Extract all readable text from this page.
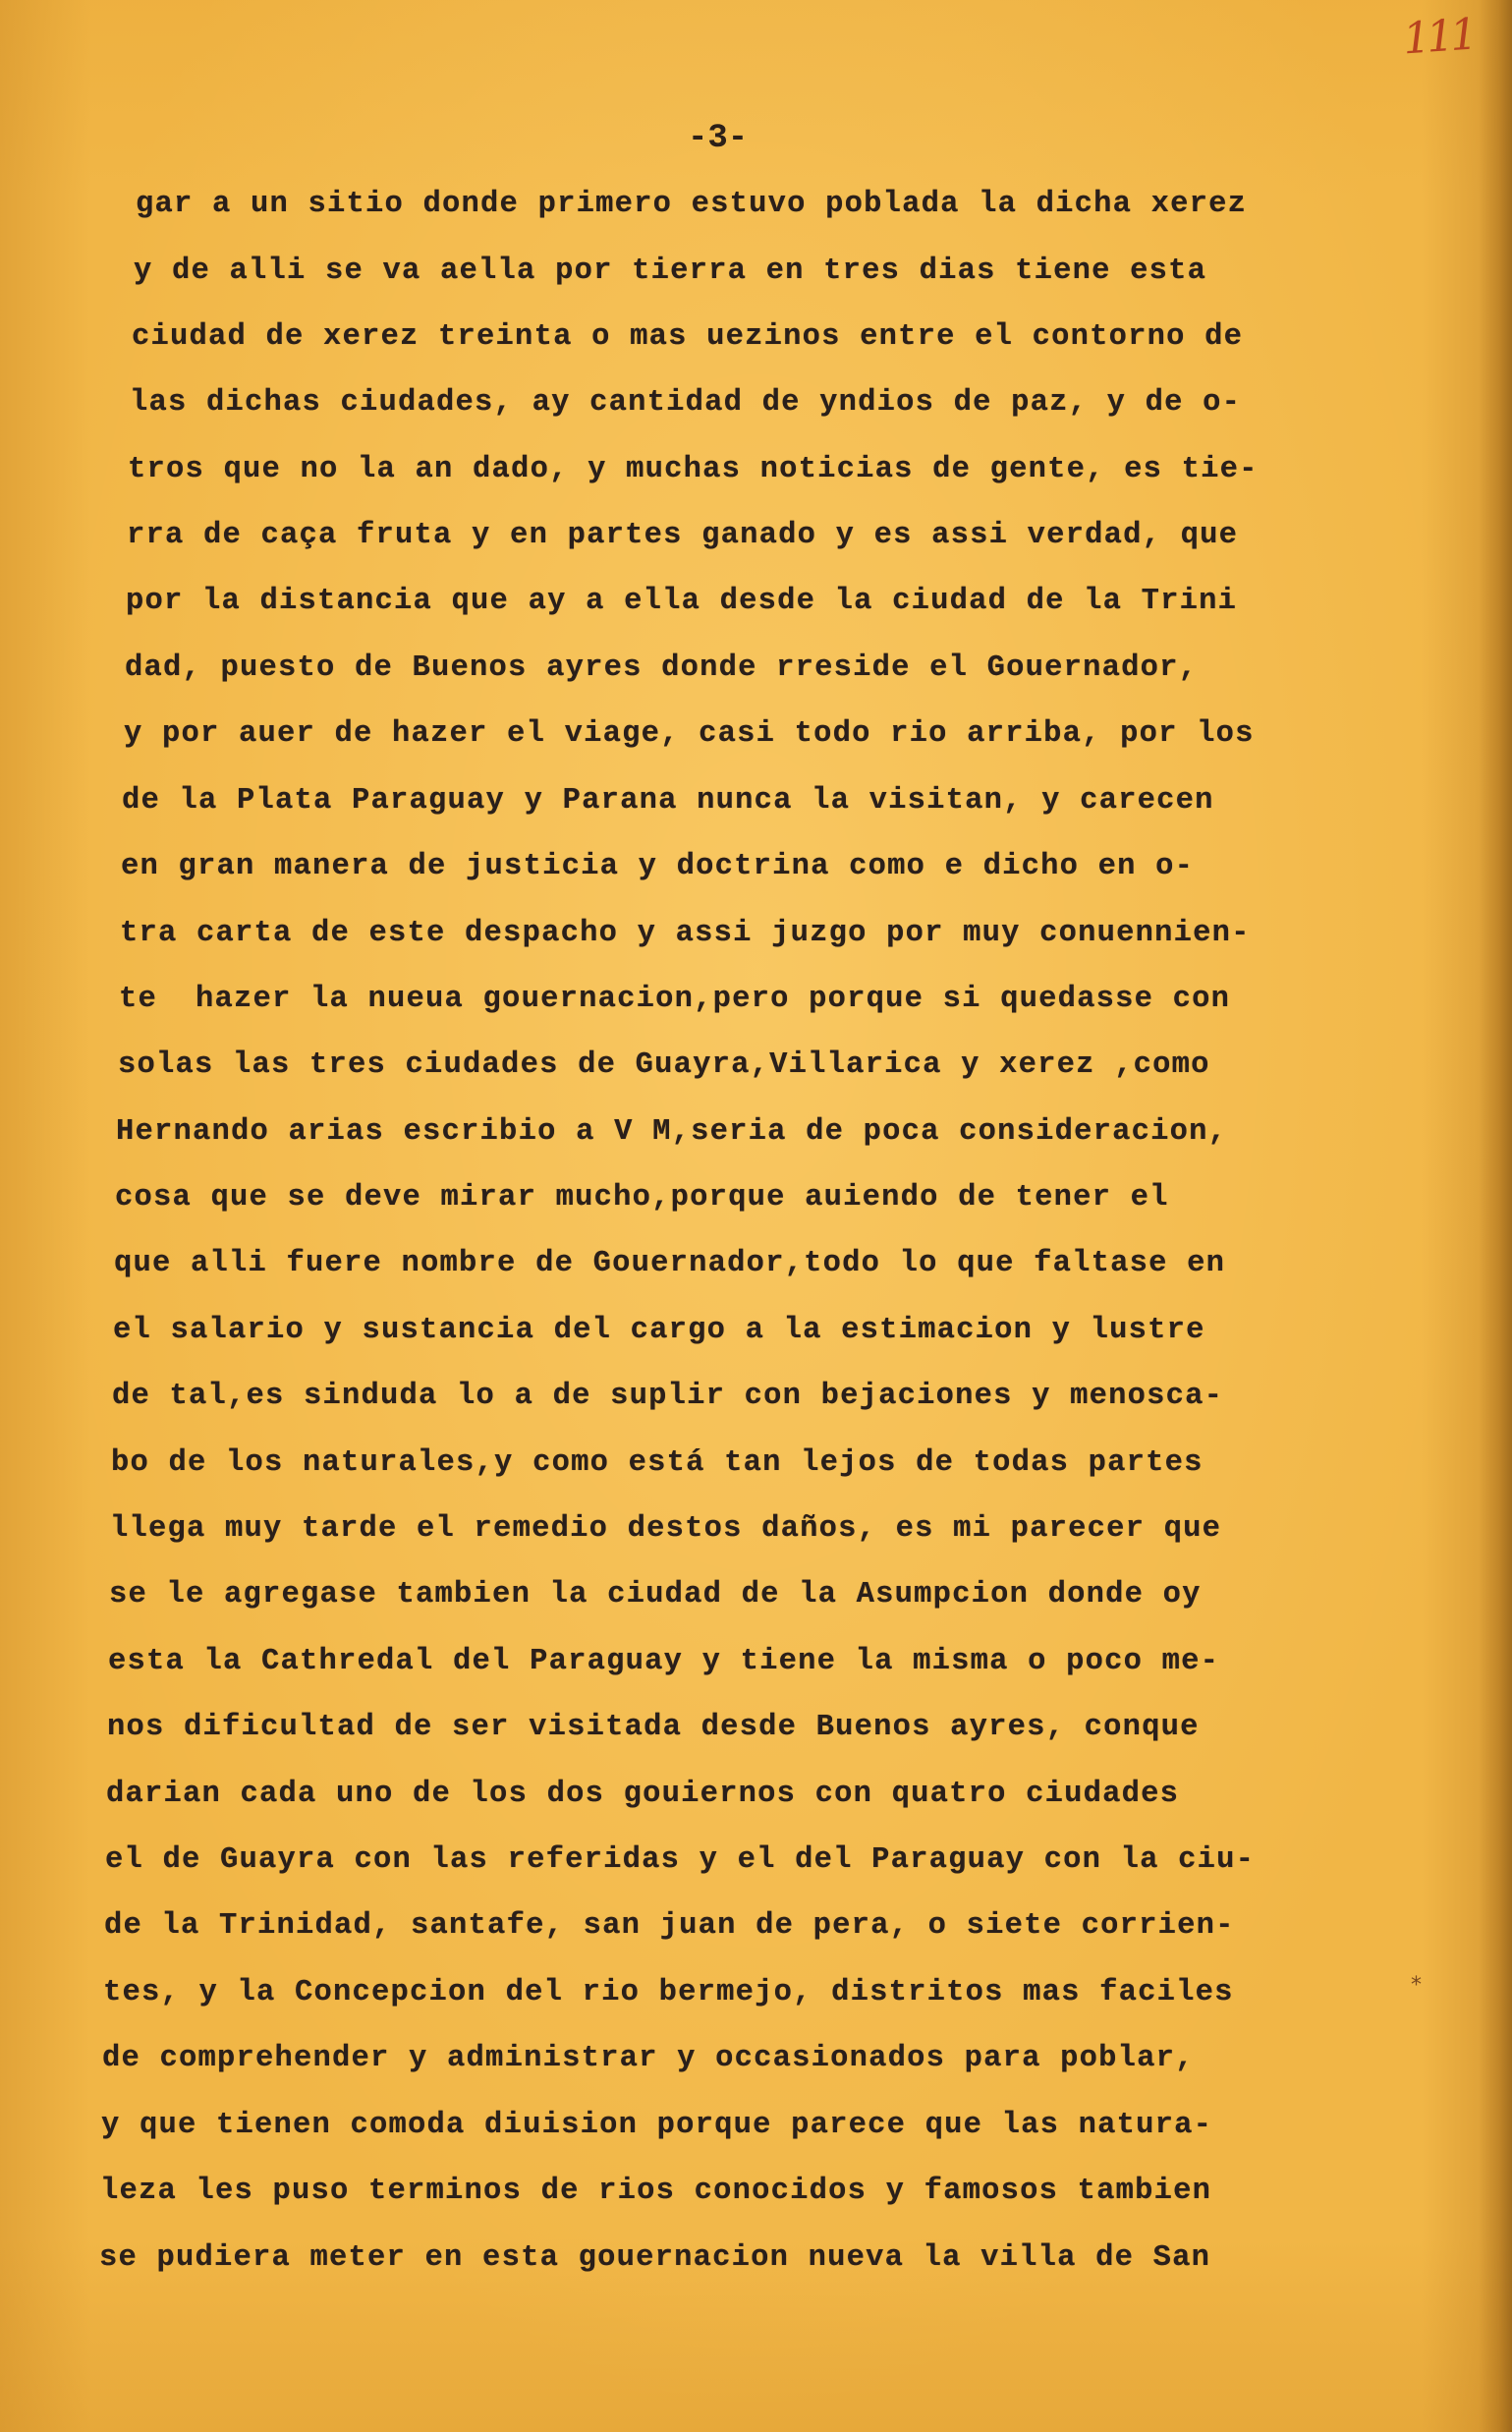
111
-3-
gar a un sitio donde primero estuvo poblada la dicha xerez
y de alli se va aella por tierra en tres dias tiene esta
ciudad de xerez treinta o mas uezinos entre el contorno de
las dichas ciudades, ay cantidad de yndios de paz, y de o-
tros que no la an dado, y muchas noticias de gente, es tie-
rra de caça fruta y en partes ganado y es assi verdad, que
por la distancia que ay a ella desde la ciudad de la Trini
dad, puesto de Buenos ayres donde rreside el Gouernador,
y por auer de hazer el viage, casi todo rio arriba, por los
de la Plata Paraguay y Parana nunca la visitan, y carecen
en gran manera de justicia y doctrina como e dicho en o-
tra carta de este despacho y assi juzgo por muy conuennien-
te  hazer la nueua gouernacion,pero porque si quedasse con
solas las tres ciudades de Guayra,Villarica y xerez ,como
Hernando arias escribio a V M,seria de poca consideracion,
cosa que se deve mirar mucho,porque auiendo de tener el
que alli fuere nombre de Gouernador,todo lo que faltase en
el salario y sustancia del cargo a la estimacion y lustre
de tal,es sinduda lo a de suplir con bejaciones y menosca-
bo de los naturales,y como está tan lejos de todas partes
llega muy tarde el remedio destos daños, es mi parecer que
se le agregase tambien la ciudad de la Asumpcion donde oy
esta la Cathredal del Paraguay y tiene la misma o poco me-
nos dificultad de ser visitada desde Buenos ayres, conque
darian cada uno de los dos gouiernos con quatro ciudades
el de Guayra con las referidas y el del Paraguay con la ciu-
de la Trinidad, santafe, san juan de pera, o siete corrien-
tes, y la Concepcion del rio bermejo, distritos mas faciles
de comprehender y administrar y occasionados para poblar,
y que tienen comoda diuision porque parece que las natura-
leza les puso terminos de rios conocidos y famosos tambien
se pudiera meter en esta gouernacion nueva la villa de San
*
